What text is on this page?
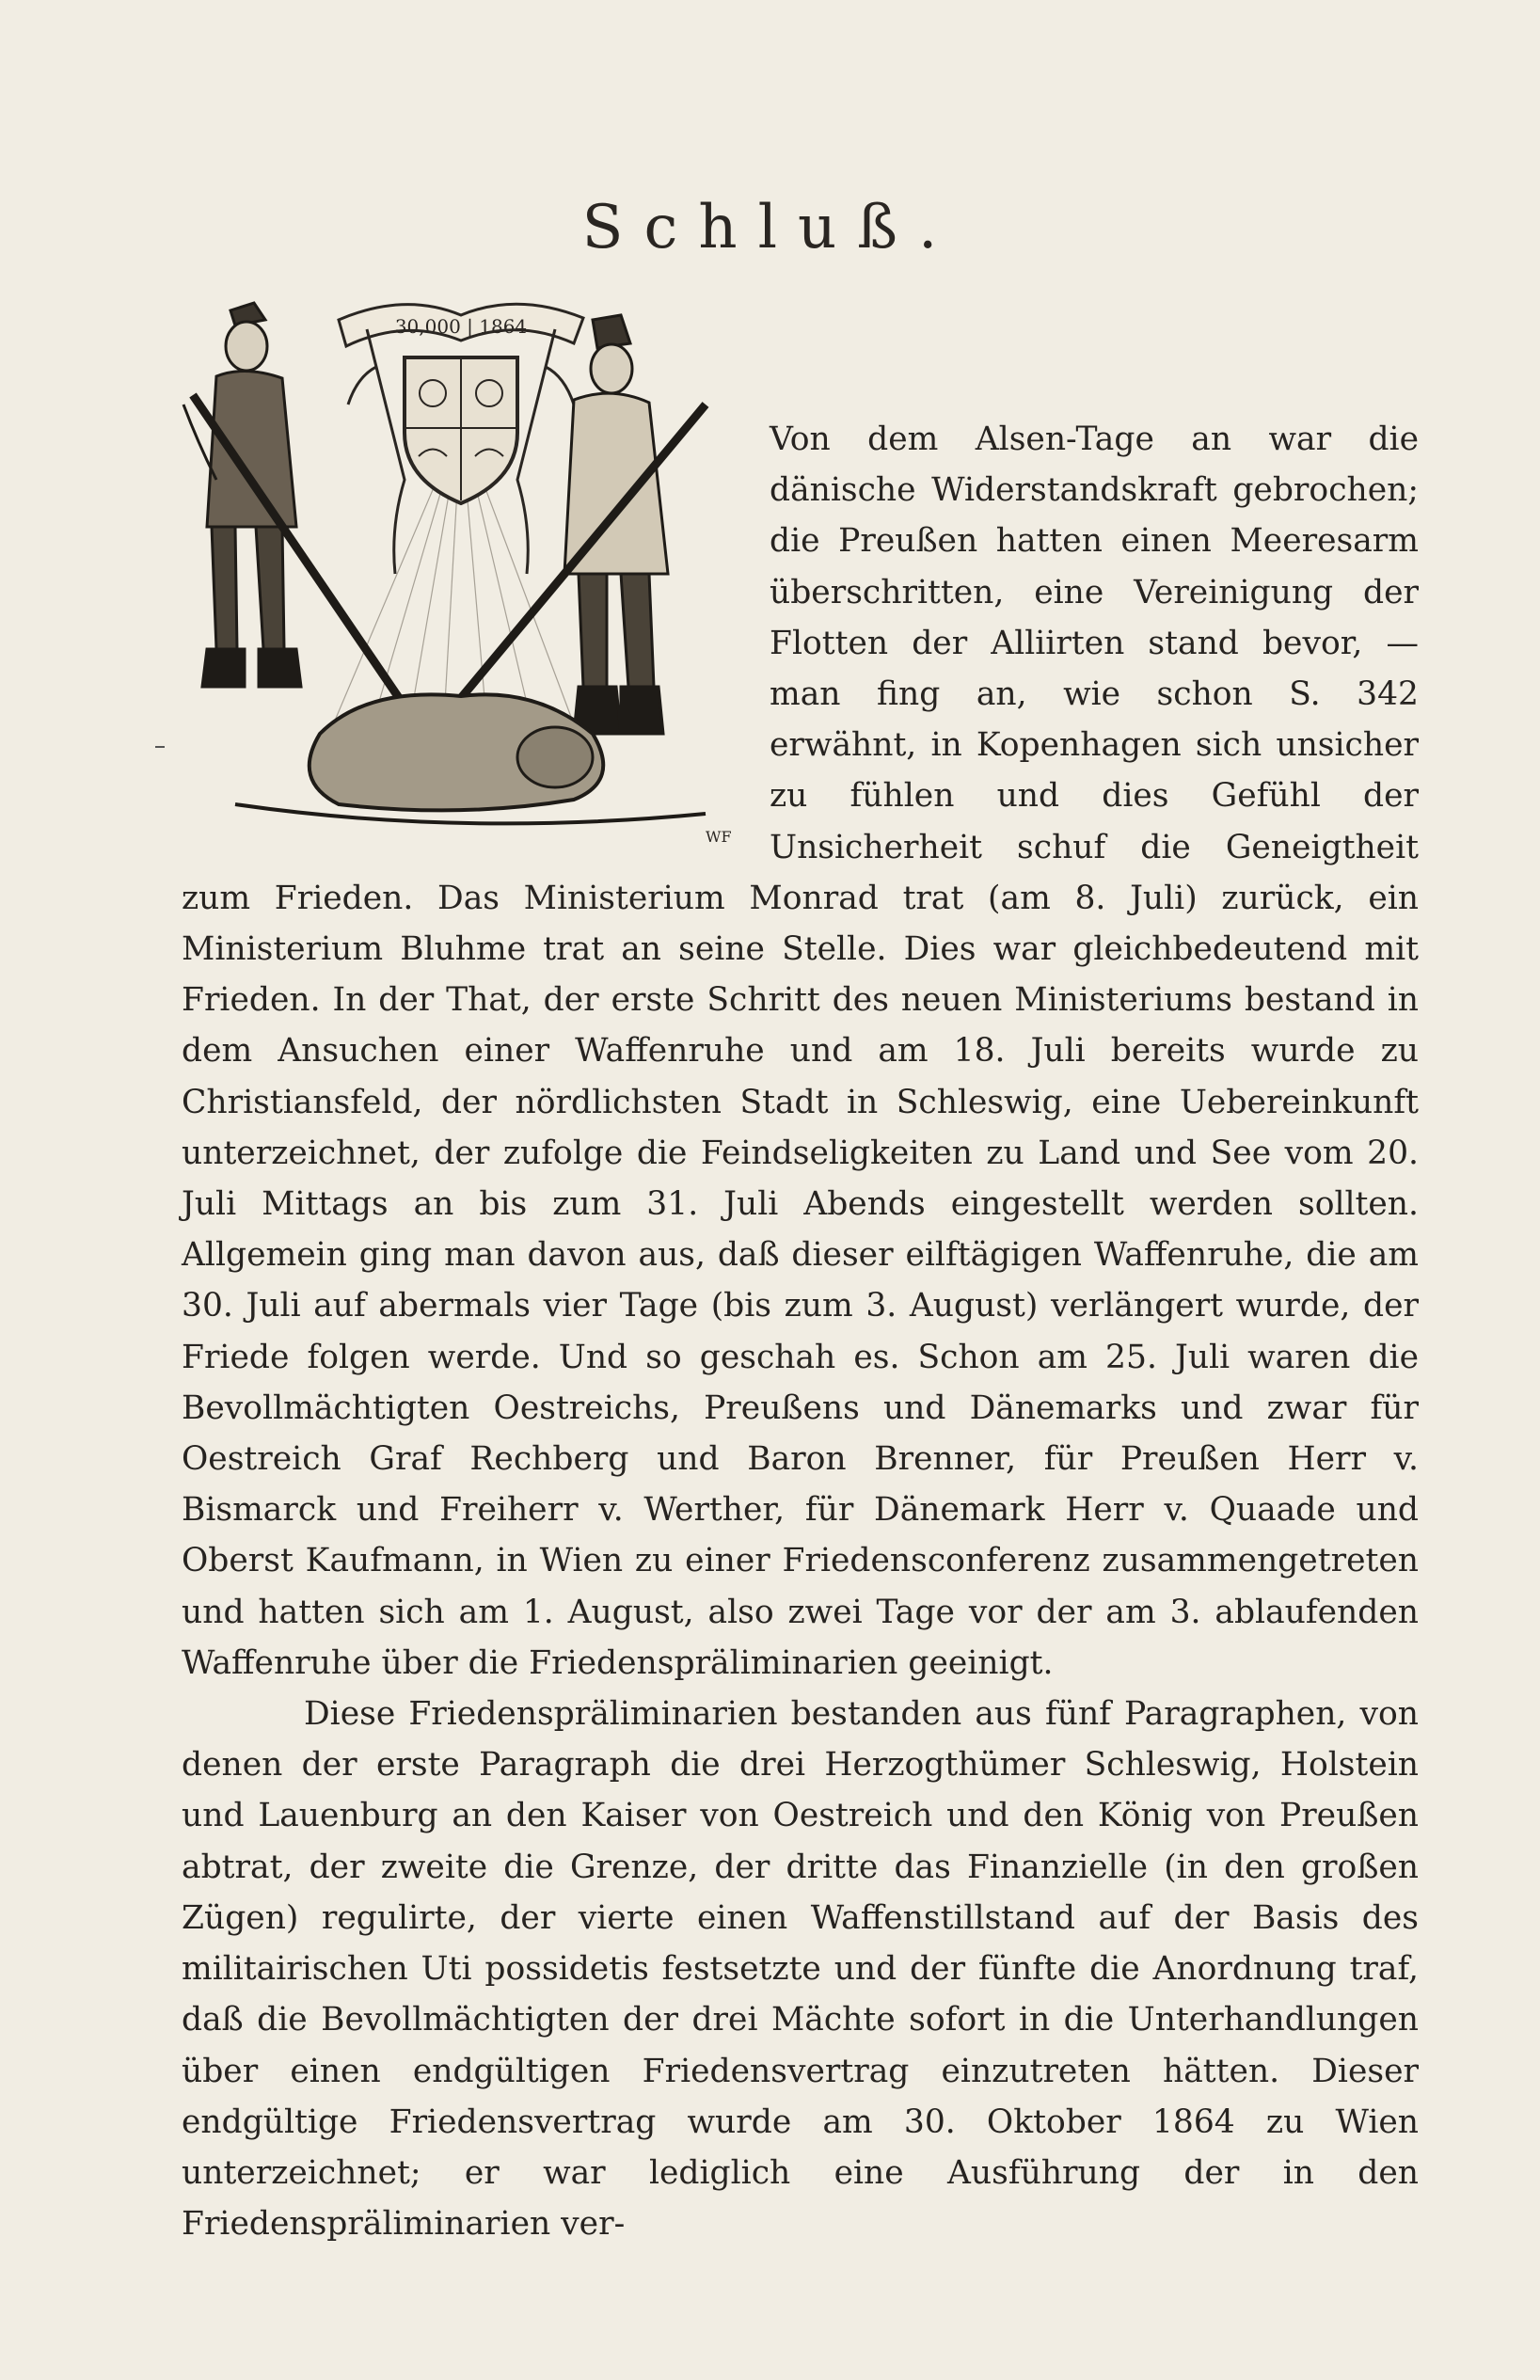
Schluß.
30,000 | 1864
WF

Von dem Alsen-Tage an war die dänische Widerstandskraft gebrochen; die Preußen hatten einen Meeresarm überschritten, eine Vereinigung der Flotten der Alliirten stand bevor, — man fing an, wie schon S. 342 erwähnt, in Kopenhagen sich unsicher zu fühlen und dies Gefühl der Unsicherheit schuf die Geneigtheit zum Frieden. Das Ministerium Monrad trat (am 8. Juli) zurück, ein Ministerium Bluhme trat an seine Stelle. Dies war gleichbedeutend mit Frieden. In der That, der erste Schritt des neuen Ministeriums bestand in dem Ansuchen einer Waffenruhe und am 18. Juli bereits wurde zu Christiansfeld, der nördlichsten Stadt in Schleswig, eine Uebereinkunft unterzeichnet, der zufolge die Feindseligkeiten zu Land und See vom 20. Juli Mittags an bis zum 31. Juli Abends eingestellt werden sollten. Allgemein ging man davon aus, daß dieser eilftägigen Waffenruhe, die am 30. Juli auf abermals vier Tage (bis zum 3. August) verlängert wurde, der Friede folgen werde. Und so geschah es. Schon am 25. Juli waren die Bevollmächtigten Oestreichs, Preußens und Dänemarks und zwar für Oestreich Graf Rechberg und Baron Brenner, für Preußen Herr v. Bismarck und Freiherr v. Werther, für Dänemark Herr v. Quaade und Oberst Kaufmann, in Wien zu einer Friedensconferenz zusammengetreten und hatten sich am 1. August, also zwei Tage vor der am 3. ablaufenden Waffenruhe über die Friedenspräliminarien geeinigt.

Diese Friedenspräliminarien bestanden aus fünf Paragraphen, von denen der erste Paragraph die drei Herzogthümer Schleswig, Holstein und Lauenburg an den Kaiser von Oestreich und den König von Preußen abtrat, der zweite die Grenze, der dritte das Finanzielle (in den großen Zügen) regulirte, der vierte einen Waffenstillstand auf der Basis des militairischen Uti possidetis festsetzte und der fünfte die Anordnung traf, daß die Bevollmächtigten der drei Mächte sofort in die Unterhandlungen über einen endgültigen Friedensvertrag einzutreten hätten. Dieser endgültige Friedensvertrag wurde am 30. Oktober 1864 zu Wien unterzeichnet; er war lediglich eine Ausführung der in den Friedenspräliminarien ver-
